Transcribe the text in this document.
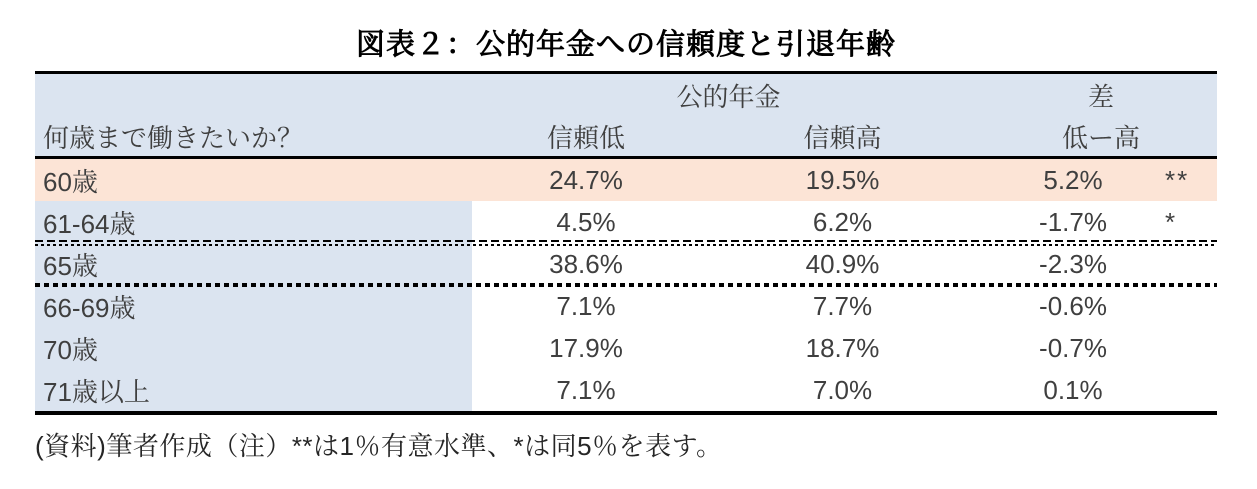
図表２：公的年金への信頼度と引退年齢
公的年金	差
何歳まで働きたいか？	信頼低	信頼高	低ー高
60歳	24.7%	19.5%	5.2%	**
61-64歳	4.5%	6.2%	-1.7%	*
65歳	38.6%	40.9%	-2.3%
66-69歳	7.1%	7.7%	-0.6%
70歳	17.9%	18.7%	-0.7%
71歳以上	7.1%	7.0%	0.1%
(資料)筆者作成（注）**は1％有意水準、*は同5％を表す。
